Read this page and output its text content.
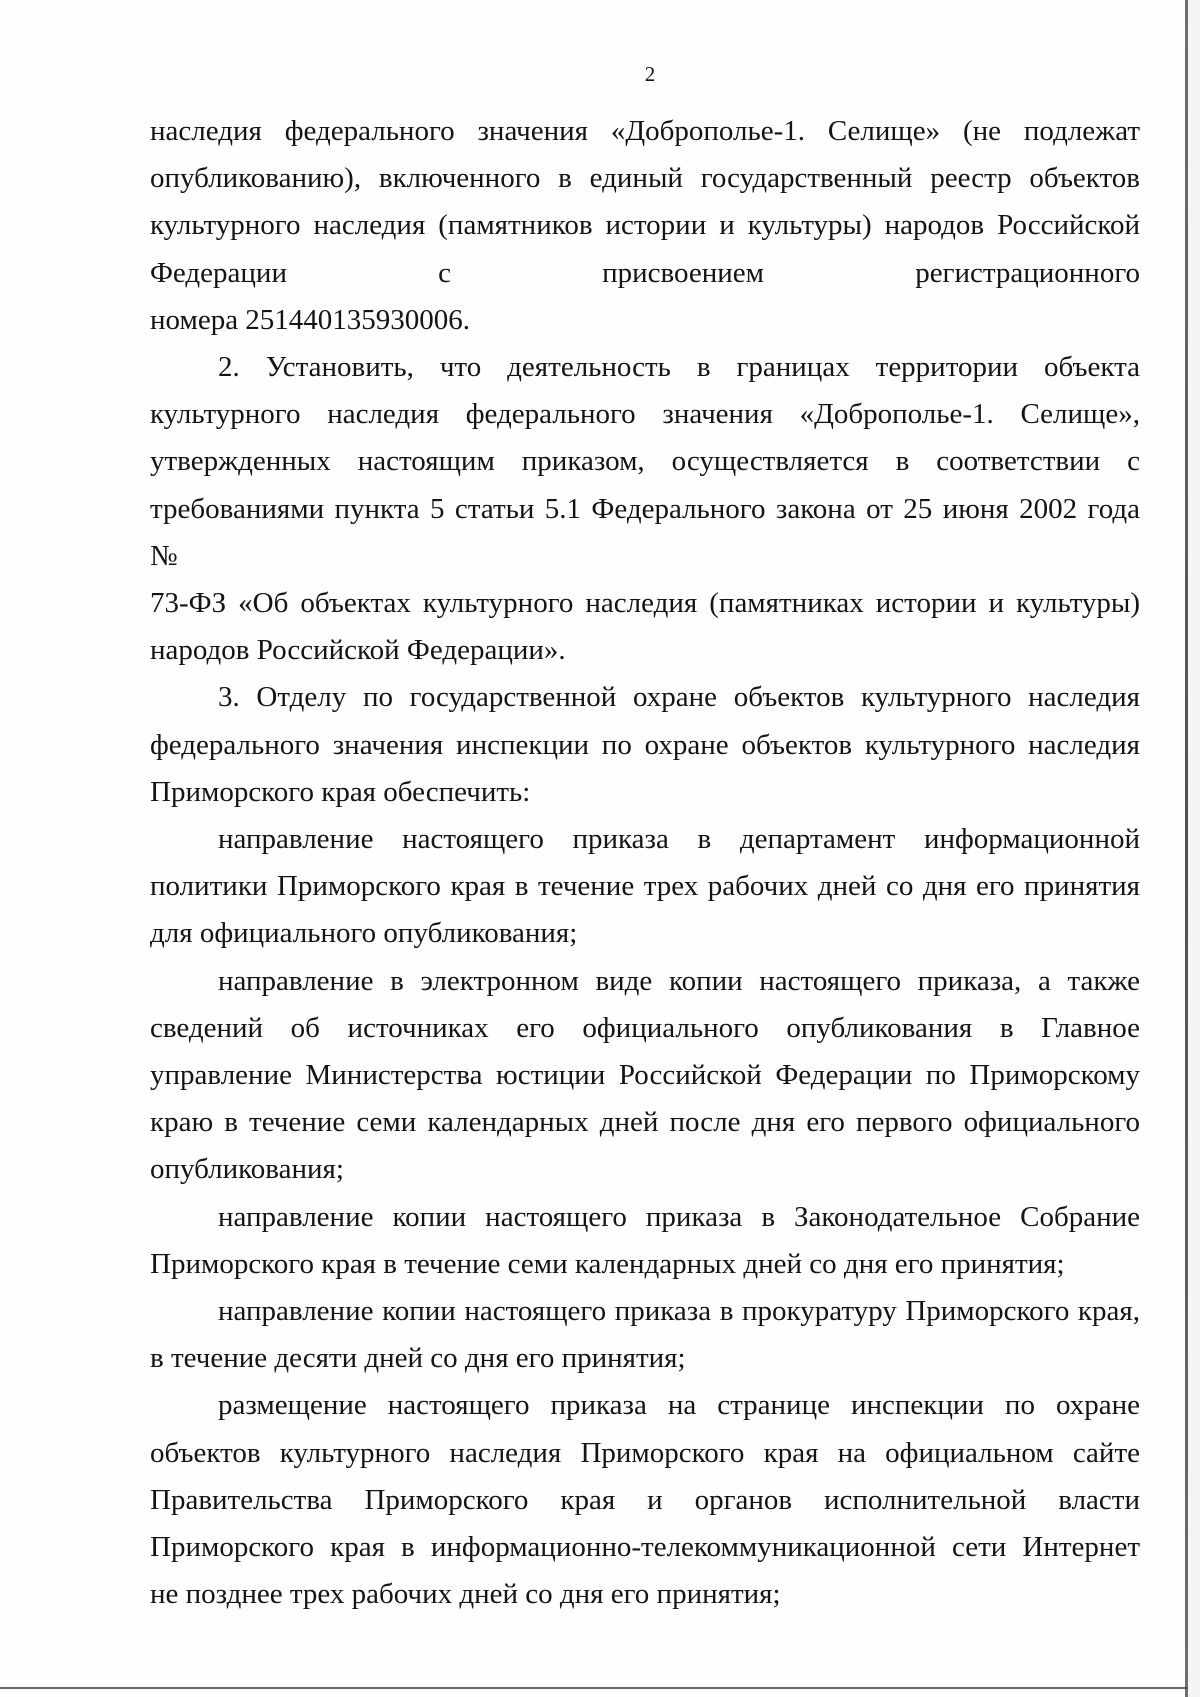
2
наследия федерального значения «Доброполье-1. Селище» (не подлежат
опубликованию), включенного в единый государственный реестр объектов
культурного наследия (памятников истории и культуры) народов Российской
Федерации с присвоением регистрационного
номера 251440135930006.
2. Установить, что деятельность в границах территории объекта
культурного наследия федерального значения «Доброполье-1. Селище»,
утвержденных настоящим приказом, осуществляется в соответствии с
требованиями пункта 5 статьи 5.1 Федерального закона от 25 июня 2002 года №
73-ФЗ «Об объектах культурного наследия (памятниках истории и культуры)
народов Российской Федерации».
3. Отделу по государственной охране объектов культурного наследия
федерального значения инспекции по охране объектов культурного наследия
Приморского края обеспечить:
направление настоящего приказа в департамент информационной
политики Приморского края в течение трех рабочих дней со дня его принятия
для официального опубликования;
направление в электронном виде копии настоящего приказа, а также
сведений об источниках его официального опубликования в Главное
управление Министерства юстиции Российской Федерации по Приморскому
краю в течение семи календарных дней после дня его первого официального
опубликования;
направление копии настоящего приказа в Законодательное Собрание
Приморского края в течение семи календарных дней со дня его принятия;
направление копии настоящего приказа в прокуратуру Приморского края,
в течение десяти дней со дня его принятия;
размещение настоящего приказа на странице инспекции по охране
объектов культурного наследия Приморского края на официальном сайте
Правительства Приморского края и органов исполнительной власти
Приморского края в информационно-телекоммуникационной сети Интернет
не позднее трех рабочих дней со дня его принятия;
